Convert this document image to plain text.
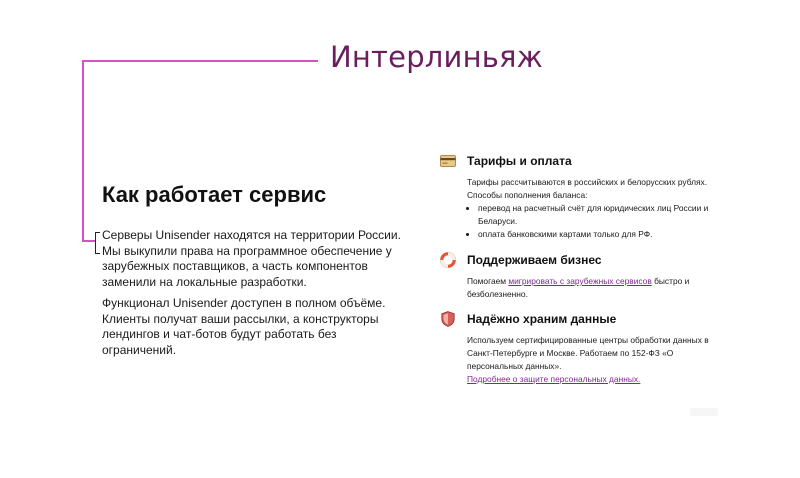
Интерлиньяж
Как работает сервис

Серверы Unisender находятся на территории России. Мы выкупили права на программное обеспечение у зарубежных поставщиков, а часть компонентов заменили на локальные разработки.

Функционал Unisender доступен в полном объёме. Клиенты получат ваши рассылки, а конструкторы лендингов и чат-ботов будут работать без ограничений.

Тарифы и оплата
Тарифы рассчитываются в российских и белорусских рублях. Способы пополнения баланса:
• перевод на расчетный счёт для юридических лиц России и Беларуси.
• оплата банковскими картами только для РФ.
Поддерживаем бизнес
Помогаем мигрировать с зарубежных сервисов быстро и безболезненно.
Надёжно храним данные
Используем сертифицированные центры обработки данных в Санкт-Петербурге и Москве. Работаем по 152-ФЗ «О персональных данных».
Подробнее о защите персональных данных.
